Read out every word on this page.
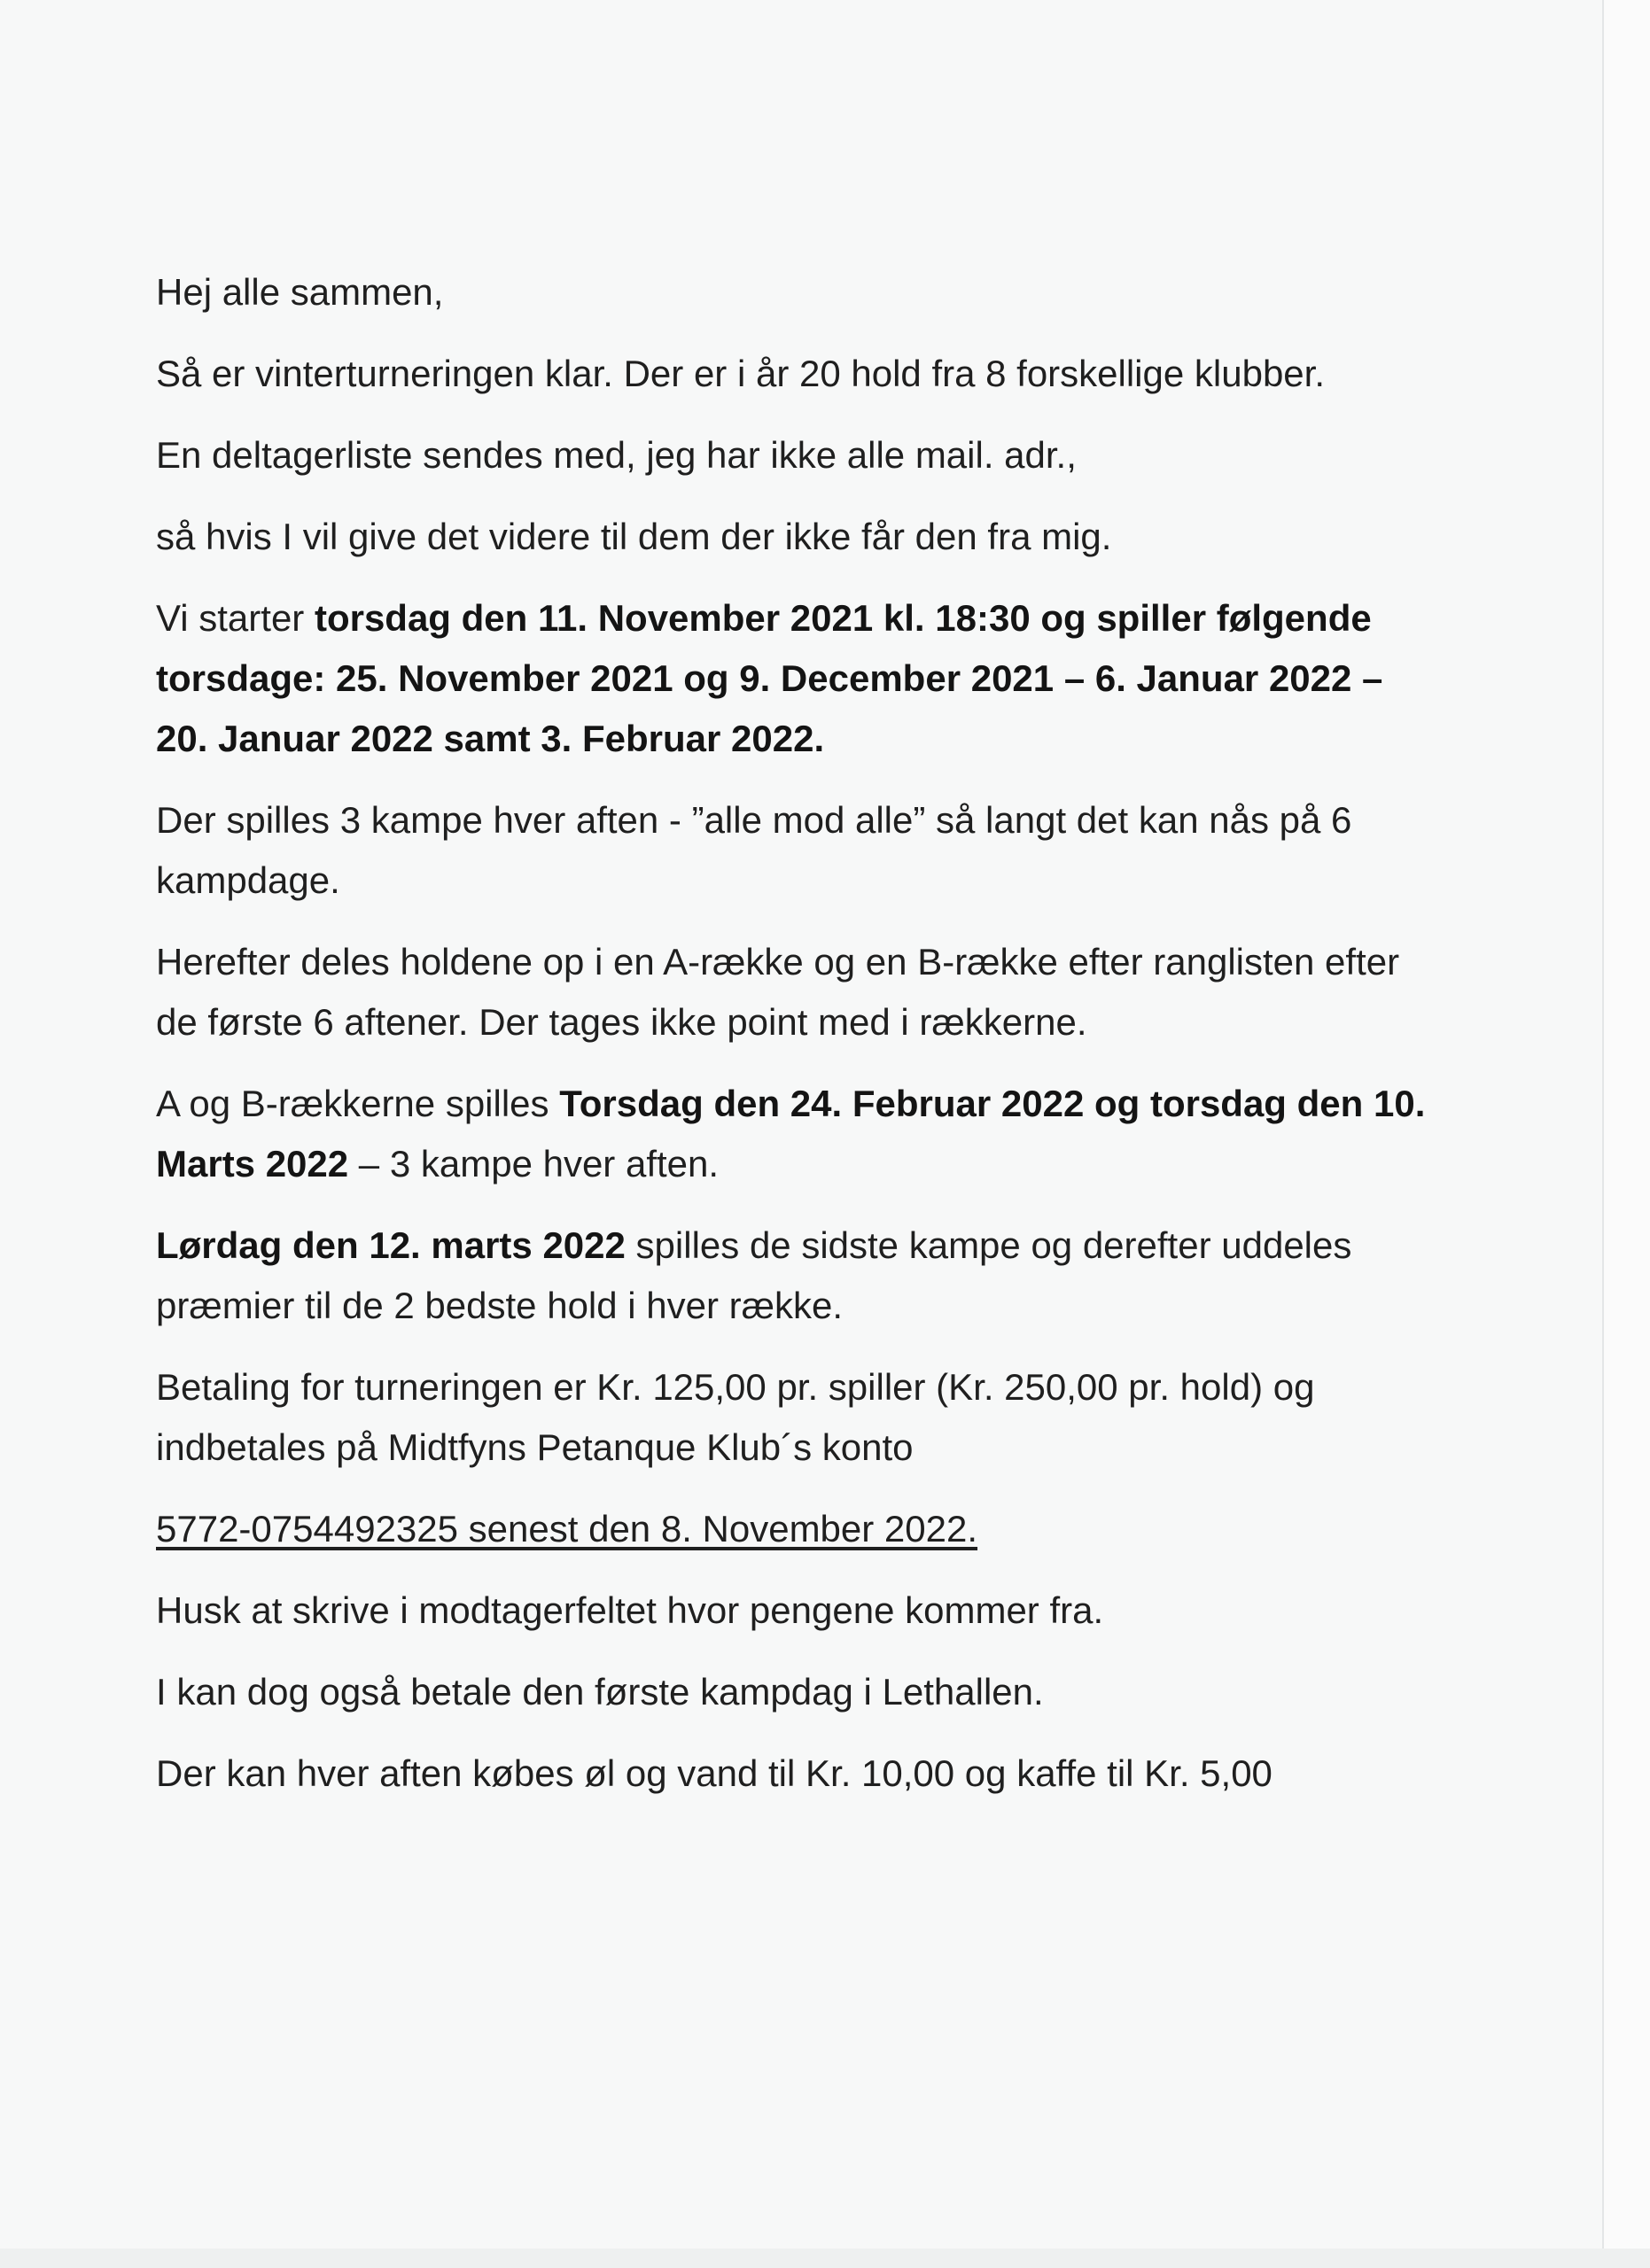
Hej alle sammen,

Så er vinterturneringen klar. Der er i år 20 hold fra 8 forskellige klubber.

En deltagerliste sendes med, jeg har ikke alle mail. adr.,

så hvis I vil give det videre til dem der ikke får den fra mig.

Vi starter torsdag den 11. November 2021 kl. 18:30 og spiller følgende torsdage: 25. November 2021 og 9. December 2021 – 6. Januar 2022 – 20. Januar 2022 samt 3. Februar 2022.

Der spilles 3 kampe hver aften - ”alle mod alle” så langt det kan nås på 6 kampdage.

Herefter deles holdene op i en A-række og en B-række efter ranglisten efter de første 6 aftener. Der tages ikke point med i rækkerne.

A og B-rækkerne spilles Torsdag den 24. Februar 2022 og torsdag den 10. Marts 2022 – 3 kampe hver aften.

Lørdag den 12. marts 2022 spilles de sidste kampe og derefter uddeles præmier til de 2 bedste hold i hver række.

Betaling for turneringen er Kr. 125,00 pr. spiller (Kr. 250,00 pr. hold) og indbetales på Midtfyns Petanque Klub´s konto

5772-0754492325 senest den 8. November 2022.

Husk at skrive i modtagerfeltet hvor pengene kommer fra.

I kan dog også betale den første kampdag i Lethallen.

Der kan hver aften købes øl og vand til Kr. 10,00 og kaffe til Kr. 5,00
